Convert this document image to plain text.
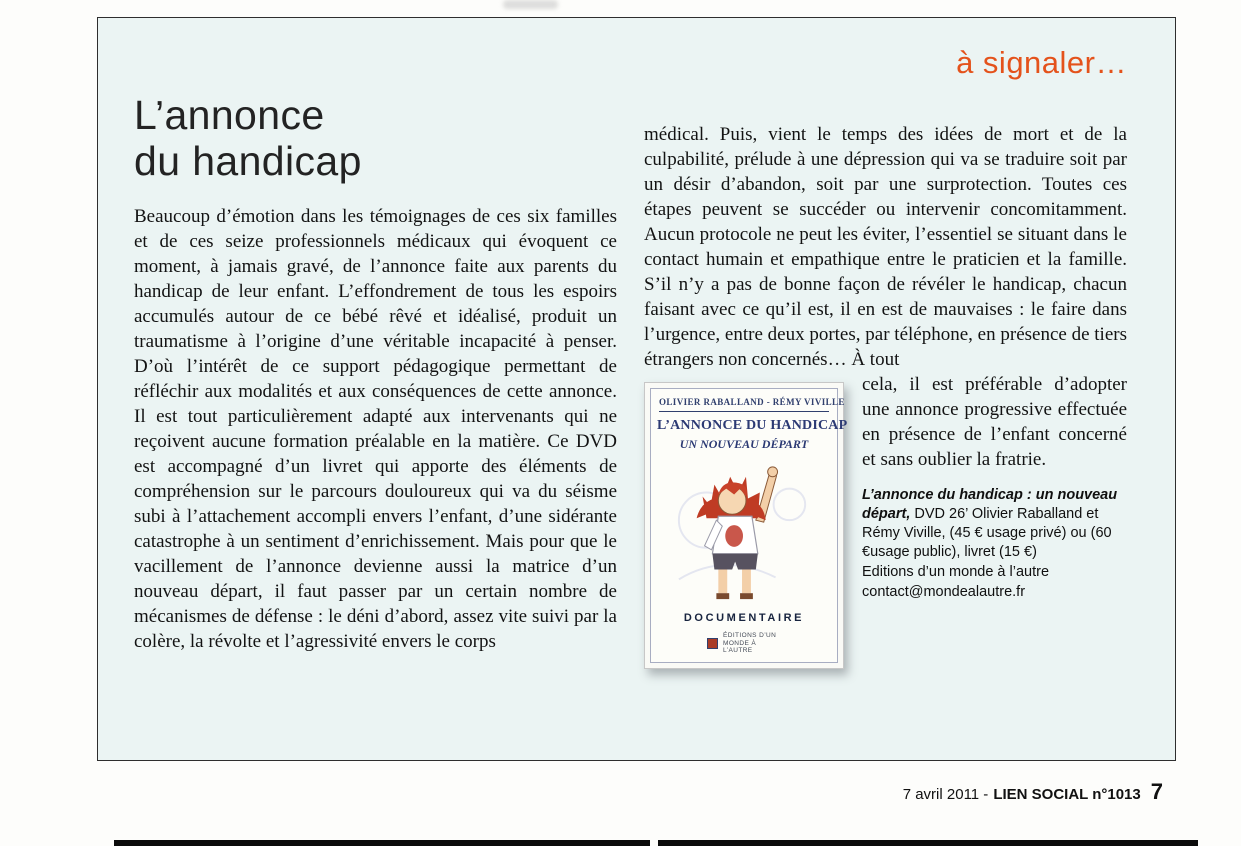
à signaler…
L’annonce
du handicap

Beaucoup d’émotion dans les témoignages de ces six familles et de ces seize professionnels médicaux qui évoquent ce moment, à jamais gravé, de l’annonce faite aux parents du handicap de leur enfant. L’effondrement de tous les espoirs accumulés autour de ce bébé rêvé et idéalisé, produit un traumatisme à l’origine d’une véritable incapacité à penser. D’où l’intérêt de ce support pédagogique permettant de réfléchir aux modalités et aux conséquences de cette annonce. Il est tout particulièrement adapté aux intervenants qui ne reçoivent aucune formation préalable en la matière. Ce DVD est accompagné d’un livret qui apporte des éléments de compréhension sur le parcours douloureux qui va du séisme subi à l’attachement accompli envers l’enfant, d’une sidérante catastrophe à un sentiment d’enrichissement. Mais pour que le vacillement de l’annonce devienne aussi la matrice d’un nouveau départ, il faut passer par un certain nombre de mécanismes de défense : le déni d’abord, assez vite suivi par la colère, la révolte et l’agressivité envers le corps

médical. Puis, vient le temps des idées de mort et de la culpabilité, prélude à une dépression qui va se traduire soit par un désir d’abandon, soit par une surprotection. Toutes ces étapes peuvent se succéder ou intervenir concomitamment. Aucun protocole ne peut les éviter, l’essentiel se situant dans le contact humain et empathique entre le praticien et la famille. S’il n’y a pas de bonne façon de révéler le handicap, chacun faisant avec ce qu’il est, il en est de mauvaises : le faire dans l’urgence, entre deux portes, par téléphone, en présence de tiers étrangers non concernés… À tout

OLIVIER RABALLAND - RÉMY VIVILLE
L’ANNONCE DU HANDICAP
UN NOUVEAU DÉPART
DOCUMENTAIRE
ÉDITIONS D’UN MONDE À L’AUTRE

cela, il est préférable d’adopter une annonce progressive effectuée en présence de l’enfant concerné et sans oublier la fratrie.

L’annonce du handicap : un nouveau départ, DVD 26’ Olivier Raballand et Rémy Viville, (45 € usage privé) ou (60 €usage public), livret (15 €)
Editions d’un monde à l’autre
contact@mondealautre.fr
7 avril 2011 - LIEN SOCIAL n°1013 7
